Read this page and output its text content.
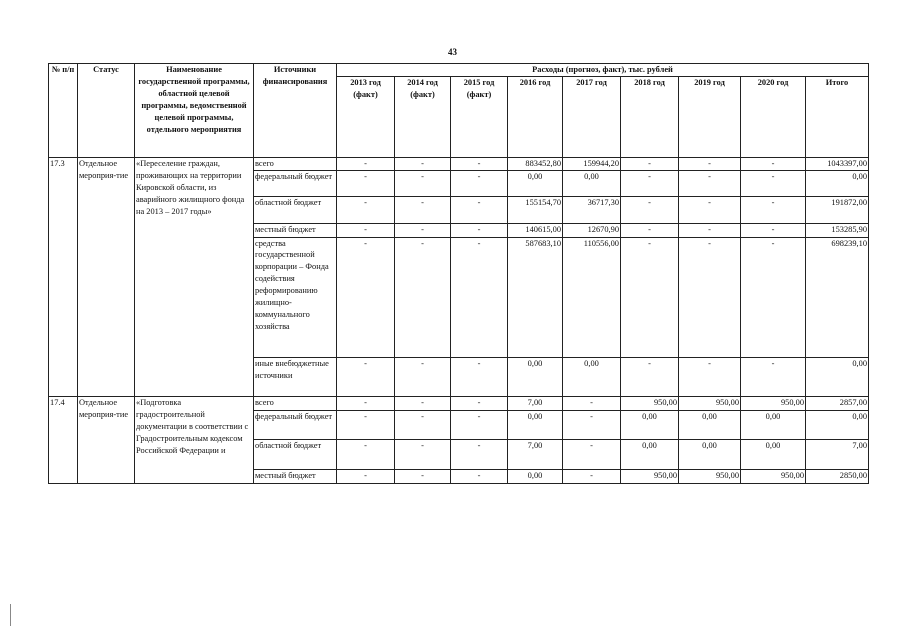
43
№ п/п	Статус	Наименование государственной программы, областной целевой программы, ведомственной целевой программы, отдельного мероприятия	Источники финансирования	Расходы (прогноз, факт), тыс. рублей								
				2013 год (факт)	2014 год (факт)	2015 год (факт)	2016 год	2017 год	2018 год	2019 год	2020 год	Итого
17.3	Отдельное мероприя-тие	«Переселение граждан, проживающих на территории Кировской области, из аварийного жилищного фонда на 2013 – 2017 годы»	всего	-	-	-	883452,80	159944,20	-	-	-	1043397,00
			федеральный бюджет	-	-	-	0,00	0,00	-	-	-	0,00
			областной бюджет	-	-	-	155154,70	36717,30	-	-	-	191872,00
			местный бюджет	-	-	-	140615,00	12670,90	-	-	-	153285,90
			средства государственной корпорации – Фонда содействия реформированию жилищно-коммунального хозяйства	-	-	-	587683,10	110556,00	-	-	-	698239,10
			иные внебюджетные источники	-	-	-	0,00	0,00	-	-	-	0,00
17.4	Отдельное мероприя-тие	«Подготовка градостроительной документации в соответствии с Градостроительным кодексом Российской Федерации и	всего	-	-	-	7,00	-	950,00	950,00	950,00	2857,00
			федеральный бюджет	-	-	-	0,00	-	0,00	0,00	0,00	0,00
			областной бюджет	-	-	-	7,00	-	0,00	0,00	0,00	7,00
			местный бюджет	-	-	-	0,00	-	950,00	950,00	950,00	2850,00
